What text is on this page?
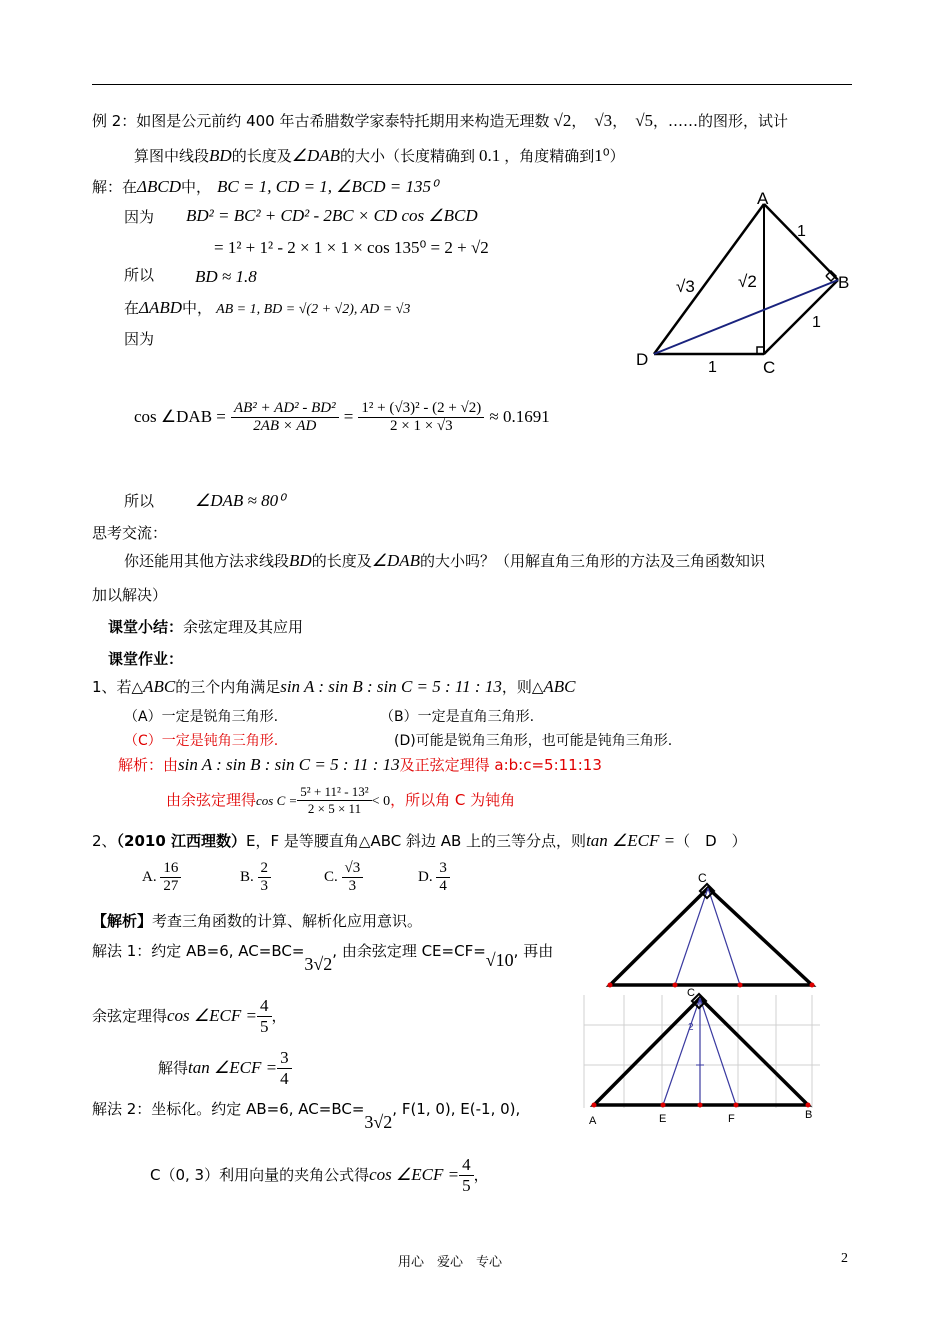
例 2：如图是公元前约 400 年古希腊数学家泰特托期用来构造无理数 √2， √3， √5，……的图形，试计
算图中线段BD的长度及∠DAB的大小（长度精确到 0.1 ，角度精确到1⁰）
解：在ΔBCD中， BC = 1, CD = 1, ∠BCD = 135⁰
因为 BD² = BC² + CD² - 2BC × CD cos ∠BCD
= 1² + 1² - 2 × 1 × 1 × cos 135⁰ = 2 + √2
所以 BD ≈ 1.8
在ΔABD中， AB = 1, BD = √(2 + √2), AD = √3
因为
cos ∠DAB = $\frac{\text{AB² + AD² - BD²}}{2AB \times AD} = \frac{\text{1² + (√3)² - (2 + √2)}}{2 \times 1 \times √3} \approx 0.1691$
所以 ∠DAB ≈ 80⁰
思考交流：
你还能用其他方法求线段BD的长度及∠DAB的大小吗？（用解直角三角形的方法及三角函数知识
加以解决）
课堂小结：余弦定理及其应用
课堂作业：
1、若△ABC的三个内角满足sin A : sin B : sin C = 5 : 11 : 13，则△ABC
（A）一定是锐角三角形.	（B）一定是直角三角形.
（C）一定是钝角三角形.	(D)可能是锐角三角形，也可能是钝角三角形.
解析：由sin A : sin B : sin C = 5 : 11 : 13及正弦定理得 a:b:c=5:11:13
由余弦定理得$\cos C = \frac{\text{5² + 11² - 13²}}{2 \times 5 \times 11} < 0$，所以角 C 为钝角
2、（2010 江西理数）E，F 是等腰直角△ABC 斜边 AB 上的三等分点，则tan ∠ECF =（　D　）
A. $\frac{16}{27}$	B. $\frac{2}{3}$	C. $\frac{√3}{3}$	D. $\frac{3}{4}$
【解析】考查三角函数的计算、解析化应用意识。
解法 1：约定 AB=6, AC=BC=3√2, 由余弦定理 CE=CF=√10, 再由
余弦定理得cos ∠ECF = $\frac{4}{5}$ ，
解得tan ∠ECF = $\frac{3}{4}$
解法 2：坐标化。约定 AB=6, AC=BC=3√2, F(1, 0), E(-1, 0),
C（0, 3）利用向量的夹角公式得cos ∠ECF = $\frac{4}{5}$ ，
A
B
C
D
1
1
1
√3	√2
C
C
2
A	E	F	B
用心　爱心　专心	2
